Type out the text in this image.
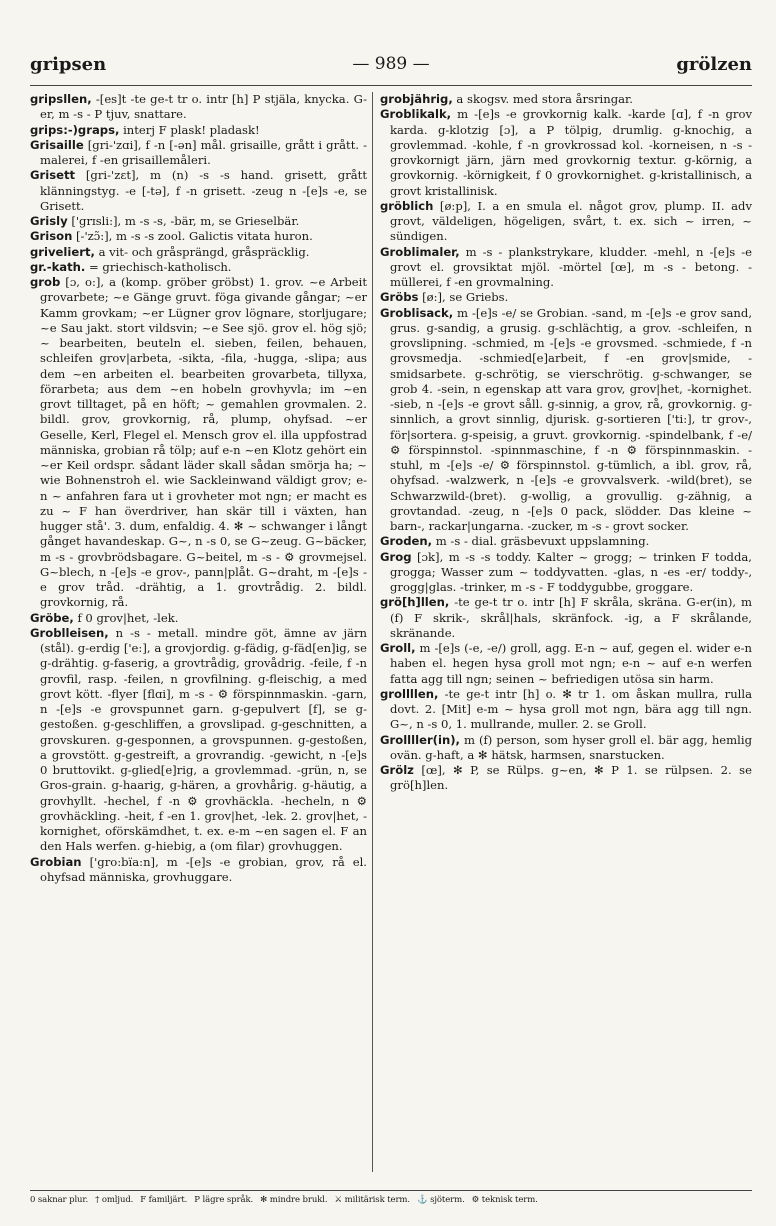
gripsen	— 989 —	grölzen

gripsllen, -[es]t -te ge-t tr o. intr [h] P stjäla, knycka. G-er, m -s - P tjuv, snattare.

grips:-)graps, interj F plask! pladask!

Grisaille [gri-'zɑi], f -n [-ən] mål. grisaille, grått i grått. -malerei, f -en grisaillemåleri.

Grisett [gri-'zɛt], m (n) -s -s hand. grisett, grått klänningstyg. -e [-tə], f -n grisett. -zeug n -[e]s -e, se Grisett.

Grisly ['grɪsli:], m -s -s, -bär, m, se Grieselbär.

Grison [-'zɔ̃:], m -s -s zool. Galictis vitata huron.

griveliert, a vit- och gråsprängd, gråspräcklig.

gr.-kath. = griechisch-katholisch.

grob [ɔ, o:], a (komp. gröber gröbst) 1. grov. ~e Arbeit grovarbete; ~e Gänge gruvt. föga givande gångar; ~er Kamm grovkam; ~er Lügner grov lögnare, storljugare; ~e Sau jakt. stort vildsvin; ~e See sjö. grov el. hög sjö; ~ bearbeiten, beuteln el. sieben, feilen, behauen, schleifen grov|arbeta, -sikta, -fila, -hugga, -slipa; aus dem ~en arbeiten el. bearbeiten grovarbeta, tillyxa, förarbeta; aus dem ~en hobeln grovhyvla; im ~en grovt tilltaget, på en höft; ~ gemahlen grovmalen. 2. bildl. grov, grovkornig, rå, plump, ohyfsad. ~er Geselle, Kerl, Flegel el. Mensch grov el. illa uppfostrad människa, grobian rå tölp; auf e-n ~en Klotz gehört ein ~er Keil ordspr. sådant läder skall sådan smörja ha; ~ wie Bohnenstroh el. wie Sackleinwand väldigt grov; e-n ~ anfahren fara ut i grovheter mot ngn; er macht es zu ~ F han överdriver, han skär till i växten, han hugger stå'. 3. dum, enfaldig. 4. ✻ ~ schwanger i långt gånget havandeskap. G~, n -s 0, se G~zeug. G~bäcker, m -s - grovbrödsbagare. G~beitel, m -s - ⚙ grovmejsel. G~blech, n -[e]s -e grov-, pann|plåt. G~draht, m -[e]s -e grov tråd. -drähtig, a 1. grovtrådig. 2. bildl. grovkornig, rå.

Gröbe, f 0 grov|het, -lek.

Groblleisen, n -s - metall. mindre göt, ämne av järn (stål). g-erdig ['e:], a grovjordig. g-fädig, g-fäd[en]ig, se g-drähtig. g-faserig, a grovtrådig, grovådrig. -feile, f -n grovfil, rasp. -feilen, n grovfilning. g-fleischig, a med grovt kött. -flyer [flɑi], m -s - ⚙ förspinnmaskin. -garn, n -[e]s -e grovspunnet garn. g-gepulvert [f], se g-gestoßen. g-geschliffen, a grovslipad. g-geschnitten, a grovskuren. g-gesponnen, a grovspunnen. g-gestoßen, a grovstött. g-gestreift, a grovrandig. -gewicht, n -[e]s 0 bruttovikt. g-glied[e]rig, a grovlemmad. -grün, n, se Gros-grain. g-haarig, g-hären, a grovhårig. g-häutig, a grovhyllt. -hechel, f -n ⚙ grovhäckla. -hecheln, n ⚙ grovhäckling. -heit, f -en 1. grov|het, -lek. 2. grov|het, -kornighet, oförskämdhet, t. ex. e-m ~en sagen el. F an den Hals werfen. g-hiebig, a (om filar) grovhuggen.

Grobian ['gro:bïa:n], m -[e]s -e grobian, grov, rå el. ohyfsad människa, grovhuggare.

grobjährig, a skogsv. med stora årsringar.

Groblikalk, m -[e]s -e grovkornig kalk. -karde [ɑ], f -n grov karda. g-klotzig [ɔ], a P tölpig, drumlig. g-knochig, a grovlemmad. -kohle, f -n grovkrossad kol. -korneisen, n -s - grovkornigt järn, järn med grovkornig textur. g-körnig, a grovkornig. -körnigkeit, f 0 grovkornighet. g-kristallinisch, a grovt kristallinisk.

gröblich [ø:p], I. a en smula el. något grov, plump. II. adv grovt, väldeligen, högeligen, svårt, t. ex. sich ~ irren, ~ sündigen.

Groblimaler, m -s - plankstrykare, kludder. -mehl, n -[e]s -e grovt el. grovsiktat mjöl. -mörtel [œ], m -s - betong. -müllerei, f -en grovmalning.

Gröbs [ø:], se Griebs.

Groblisack, m -[e]s -e/ se Grobian. -sand, m -[e]s -e grov sand, grus. g-sandig, a grusig. g-schlächtig, a grov. -schleifen, n grovslipning. -schmied, m -[e]s -e grovsmed. -schmiede, f -n grovsmedja. -schmied[e]arbeit, f -en grov|smide, -smidsarbete. g-schrötig, se vierschrötig. g-schwanger, se grob 4. -sein, n egenskap att vara grov, grov|het, -kornighet. -sieb, n -[e]s -e grovt såll. g-sinnig, a grov, rå, grovkornig. g-sinnlich, a grovt sinnlig, djurisk. g-sortieren ['ti:], tr grov-, för|sortera. g-speisig, a gruvt. grovkornig. -spindelbank, f -e/ ⚙ förspinnstol. -spinnmaschine, f -n ⚙ förspinnmaskin. -stuhl, m -[e]s -e/ ⚙ förspinnstol. g-tümlich, a ibl. grov, rå, ohyfsad. -walzwerk, n -[e]s -e grovvalsverk. -wild(bret), se Schwarzwild-(bret). g-wollig, a grovullig. g-zähnig, a grovtandad. -zeug, n -[e]s 0 pack, slödder. Das kleine ~ barn-, rackar|ungarna. -zucker, m -s - grovt socker.

Groden, m -s - dial. gräsbevuxt uppslamning.

Grog [ɔk], m -s -s toddy. Kalter ~ grogg; ~ trinken F todda, grogga; Wasser zum ~ toddyvatten. -glas, n -es -er/ toddy-, grogg|glas. -trinker, m -s - F toddygubbe, groggare.

grö[h]llen, -te ge-t tr o. intr [h] F skråla, skräna. G-er(in), m (f) F skrik-, skrål|hals, skränfock. -ig, a F skrålande, skränande.

Groll, m -[e]s (-e, -e/) groll, agg. E-n ~ auf, gegen el. wider e-n haben el. hegen hysa groll mot ngn; e-n ~ auf e-n werfen fatta agg till ngn; seinen ~ befriedigen utösa sin harm.

grollllen, -te ge-t intr [h] o. ✻ tr 1. om åskan mullra, rulla dovt. 2. [Mit] e-m ~ hysa groll mot ngn, bära agg till ngn. G~, n -s 0, 1. mullrande, muller. 2. se Groll.

Grollller(in), m (f) person, som hyser groll el. bär agg, hemlig ovän. g-haft, a ✻ hätsk, harmsen, snarstucken.

Grölz [œ], ✻ P, se Rülps. g~en, ✻ P 1. se rülpsen. 2. se grö[h]len.

0 saknar plur. † omljud. F familjärt. P lägre språk. ✻ mindre brukl. ⚔ militärisk term. ⚓ sjöterm. ⚙ teknisk term.
